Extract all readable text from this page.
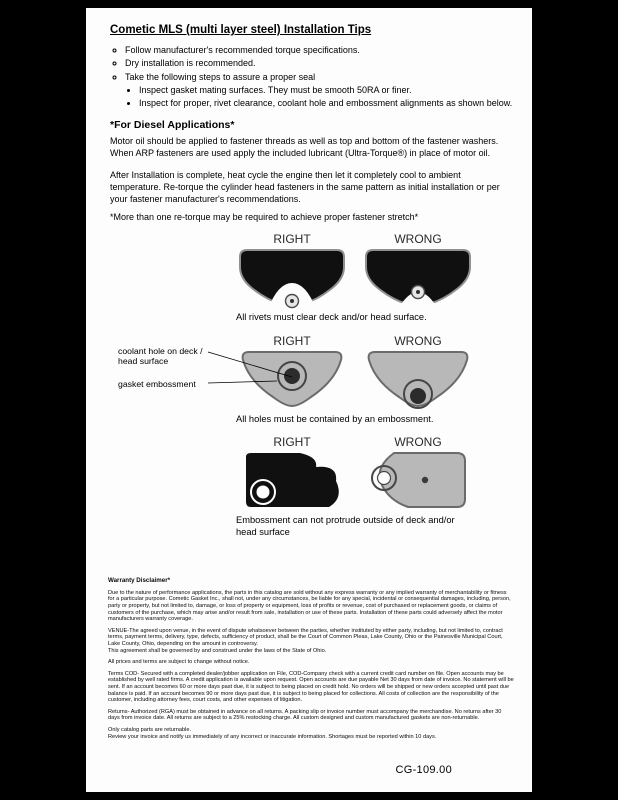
Cometic MLS (multi layer steel) Installation Tips
◦ Follow manufacturer's recommended torque specifications.
◦ Dry installation is recommended.
◦ Take the following steps to assure a proper seal
• Inspect gasket mating surfaces. They must be smooth 50RA or finer.
• Inspect for proper, rivet clearance, coolant hole and embossment alignments as shown below.
*For Diesel Applications*

Motor oil should be applied to fastener threads as well as top and bottom of the fastener washers. When ARP fasteners are used apply the included lubricant (Ultra-Torque®) in place of motor oil.

After Installation is complete, heat cycle the engine then let it completely cool to ambient temperature. Re-torque the cylinder head fasteners in the same pattern as initial installation or per your fastener manufacturer's recommendations.

*More than one re-torque may be required to achieve proper fastener stretch*

RIGHT	WRONG

All rivets must clear deck and/or head surface.

coolant hole on deck / head surface
gasket embossment
RIGHT	WRONG

All holes must be contained by an embossment.

RIGHT	WRONG

Embossment can not protrude outside of deck and/or head surface

Warranty Disclaimer*

Due to the nature of performance applications, the parts in this catalog are sold without any express warranty or any implied warranty of merchantability or fitness for a particular purpose. Cometic Gasket Inc., shall not, under any circumstances, be liable for any special, incidental or consequential damages, including, person, party or property, but not limited to, damage, or loss of property or equipment, loss of profits or revenue, cost of purchased or replacement goods, or claims of customers of the purchase, which may arise and/or result from sale, installation or use of these parts. Installation of these parts could adversely affect the motor manufacturers warranty coverage.

VENUE-The agreed upon venue, in the event of dispute whatsoever between the parties, whether instituted by either party, including, but not limited to, contract terms, payment terms, delivery, type, defects, sufficiency of product, shall be the Court of Common Pleas, Lake County, Ohio or the Painesville Municipal Court, Lake County, Ohio, depending on the amount in controversy.

This agreement shall be governed by and construed under the laws of the State of Ohio.

All prices and terms are subject to change without notice.

Terms COD- Secured with a completed dealer/jobber application on File, COD-Company check with a current credit card number on file. Open accounts may be established by well rated firms. A credit application is available upon request. Open accounts are due payable Net 30 days from date of invoice. No statement will be sent. If an account becomes 60 or more days past due, it is subject to being placed on credit hold. No orders will be shipped or new orders accepted until past due balance is paid. If an account becomes 90 or more days past due, it is subject to being placed for collections. All costs of collection are the responsibility of the customer, including attorney fees, court costs, and other expenses of litigation.

Returns- Authorized (RGA) must be obtained in advance on all returns. A packing slip or invoice number must accompany the merchandise. No returns after 30 days from invoice date. All returns are subject to a 25% restocking charge. All custom designed and custom manufactured gaskets are non-returnable.

Only catalog parts are returnable.

Review your invoice and notify us immediately of any incorrect or inaccurate information. Shortages must be reported within 10 days.

CG-109.00
